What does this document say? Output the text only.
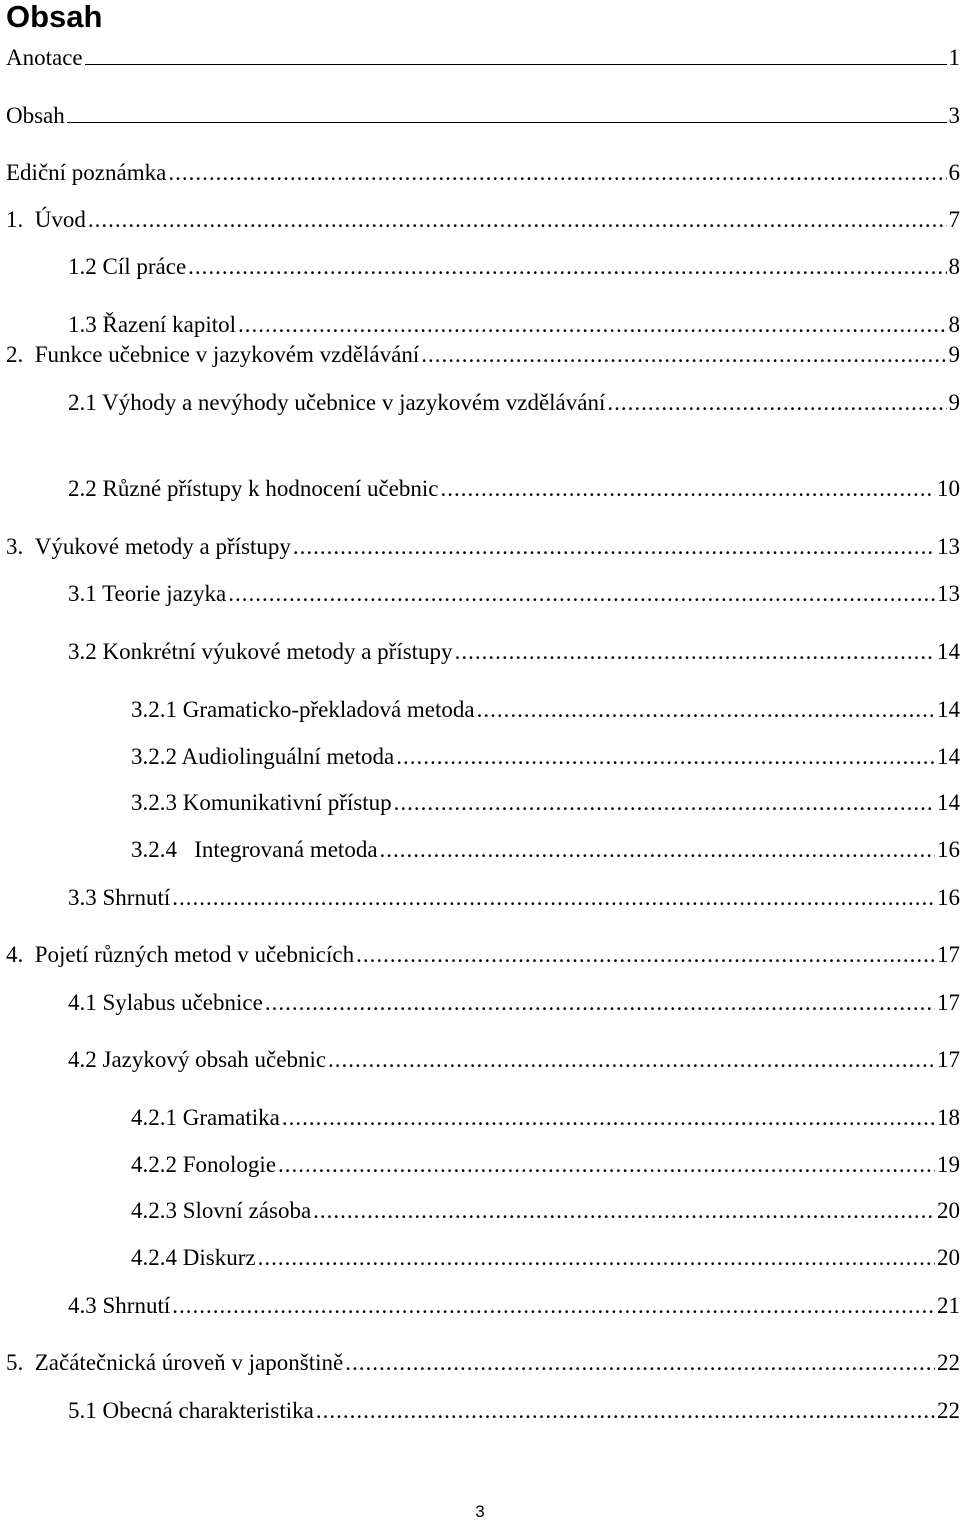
Obsah
Anotace	1
Obsah	3
Ediční poznámka .....	6
1.  Úvod .....	7
1.2 Cíl práce .....	8
1.3 Řazení kapitol .....	8
2.  Funkce učebnice v jazykovém vzdělávání .....	9
2.1 Výhody a nevýhody učebnice v jazykovém vzdělávání .....	9
2.2 Různé přístupy k hodnocení učebnic .....	10
3.  Výukové metody a přístupy .....	13
3.1 Teorie jazyka .....	13
3.2 Konkrétní výukové metody a přístupy .....	14
3.2.1 Gramaticko-překladová metoda .....	14
3.2.2 Audiolinguální metoda .....	14
3.2.3 Komunikativní přístup .....	14
3.2.4   Integrovaná metoda .....	16
3.3 Shrnutí .....	16
4.  Pojetí různých metod v učebnicích .....	17
4.1 Sylabus učebnice .....	17
4.2 Jazykový obsah učebnic .....	17
4.2.1 Gramatika .....	18
4.2.2 Fonologie .....	19
4.2.3 Slovní zásoba .....	20
4.2.4 Diskurz .....	20
4.3 Shrnutí .....	21
5.  Začátečnická úroveň v japonštině .....	22
5.1 Obecná charakteristika .....	22
3
